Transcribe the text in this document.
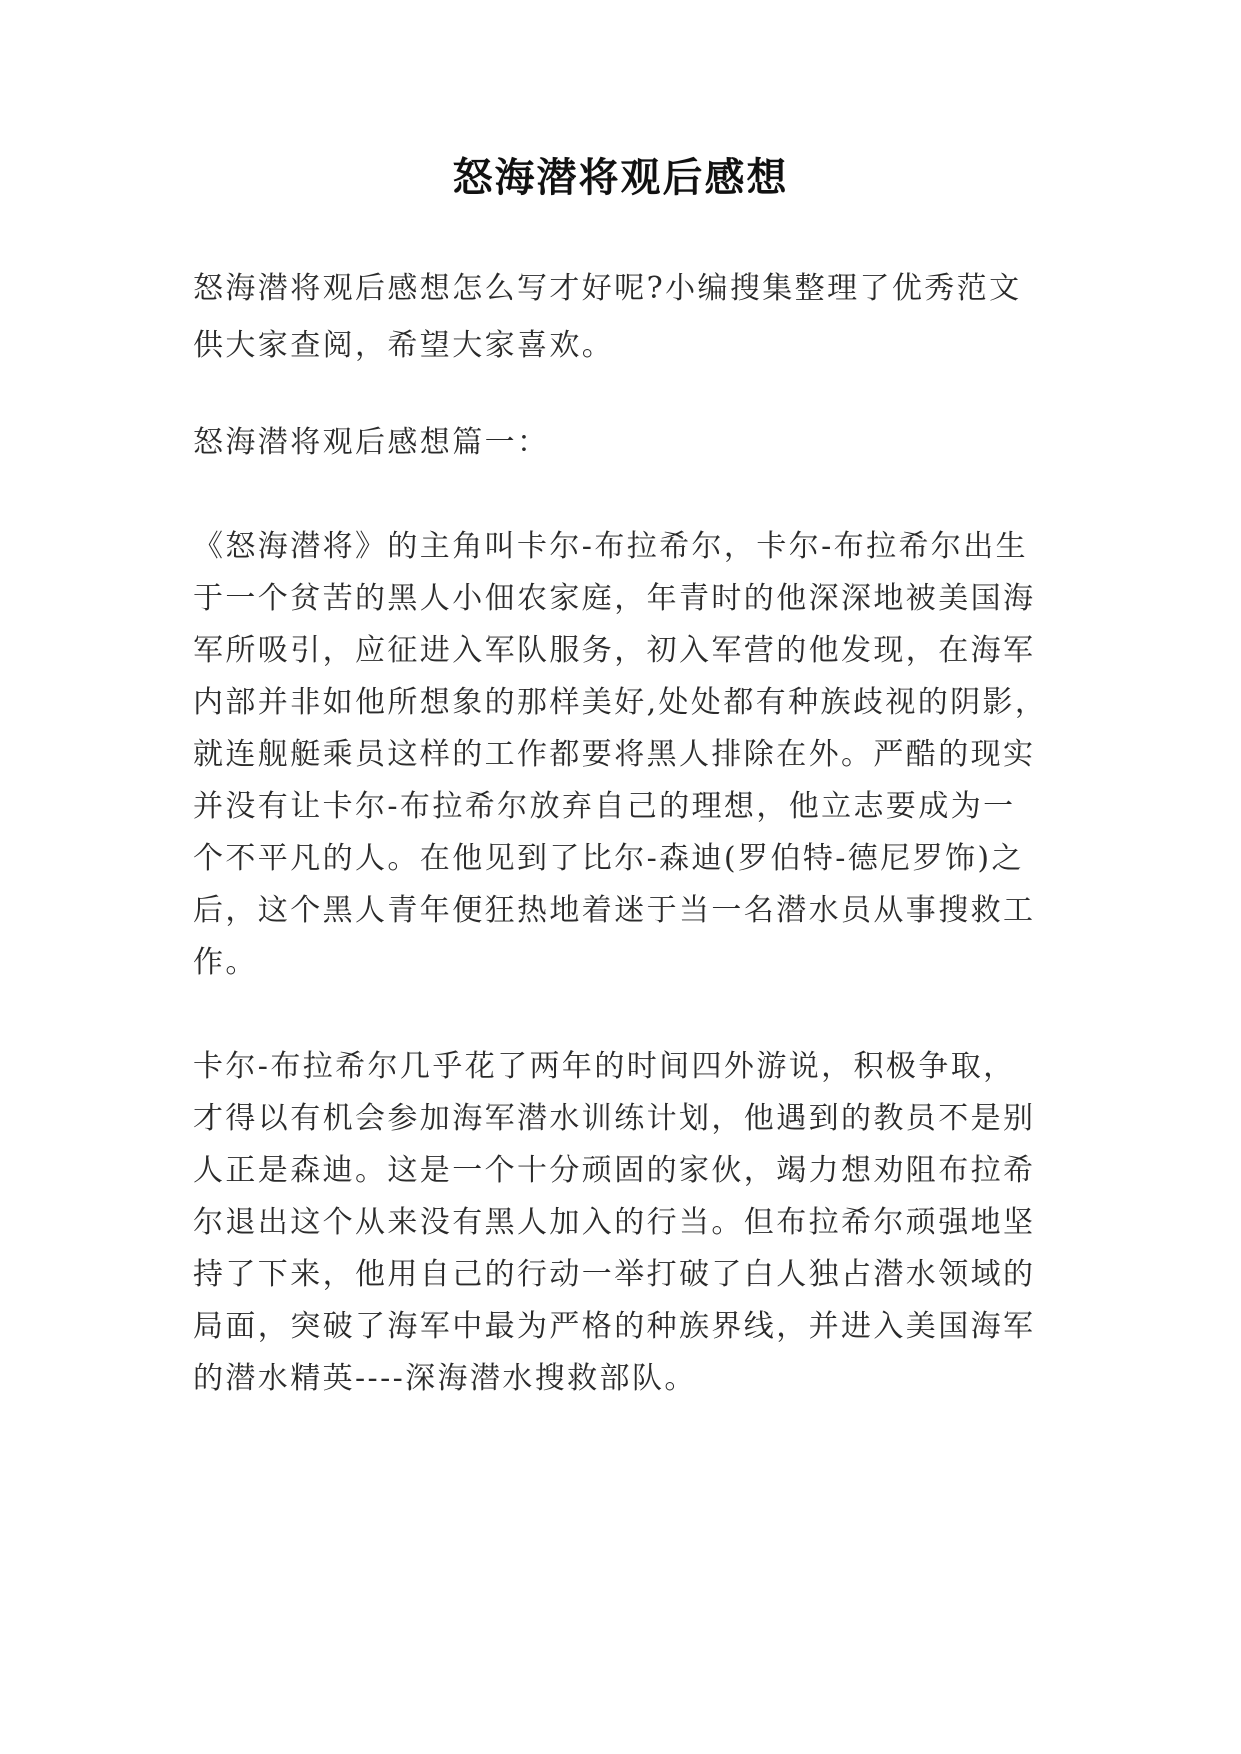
怒海潜将观后感想
怒海潜将观后感想怎么写才好呢?小编搜集整理了优秀范文
供大家查阅，希望大家喜欢。
怒海潜将观后感想篇一：
《怒海潜将》的主角叫卡尔-布拉希尔，卡尔-布拉希尔出生
于一个贫苦的黑人小佃农家庭，年青时的他深深地被美国海
军所吸引，应征进入军队服务，初入军营的他发现，在海军
内部并非如他所想象的那样美好,处处都有种族歧视的阴影，
就连舰艇乘员这样的工作都要将黑人排除在外。严酷的现实
并没有让卡尔-布拉希尔放弃自己的理想，他立志要成为一
个不平凡的人。在他见到了比尔-森迪(罗伯特-德尼罗饰)之
后，这个黑人青年便狂热地着迷于当一名潜水员从事搜救工
作。
卡尔-布拉希尔几乎花了两年的时间四外游说，积极争取，
才得以有机会参加海军潜水训练计划，他遇到的教员不是别
人正是森迪。这是一个十分顽固的家伙，竭力想劝阻布拉希
尔退出这个从来没有黑人加入的行当。但布拉希尔顽强地坚
持了下来，他用自己的行动一举打破了白人独占潜水领域的
局面，突破了海军中最为严格的种族界线，并进入美国海军
的潜水精英----深海潜水搜救部队。
